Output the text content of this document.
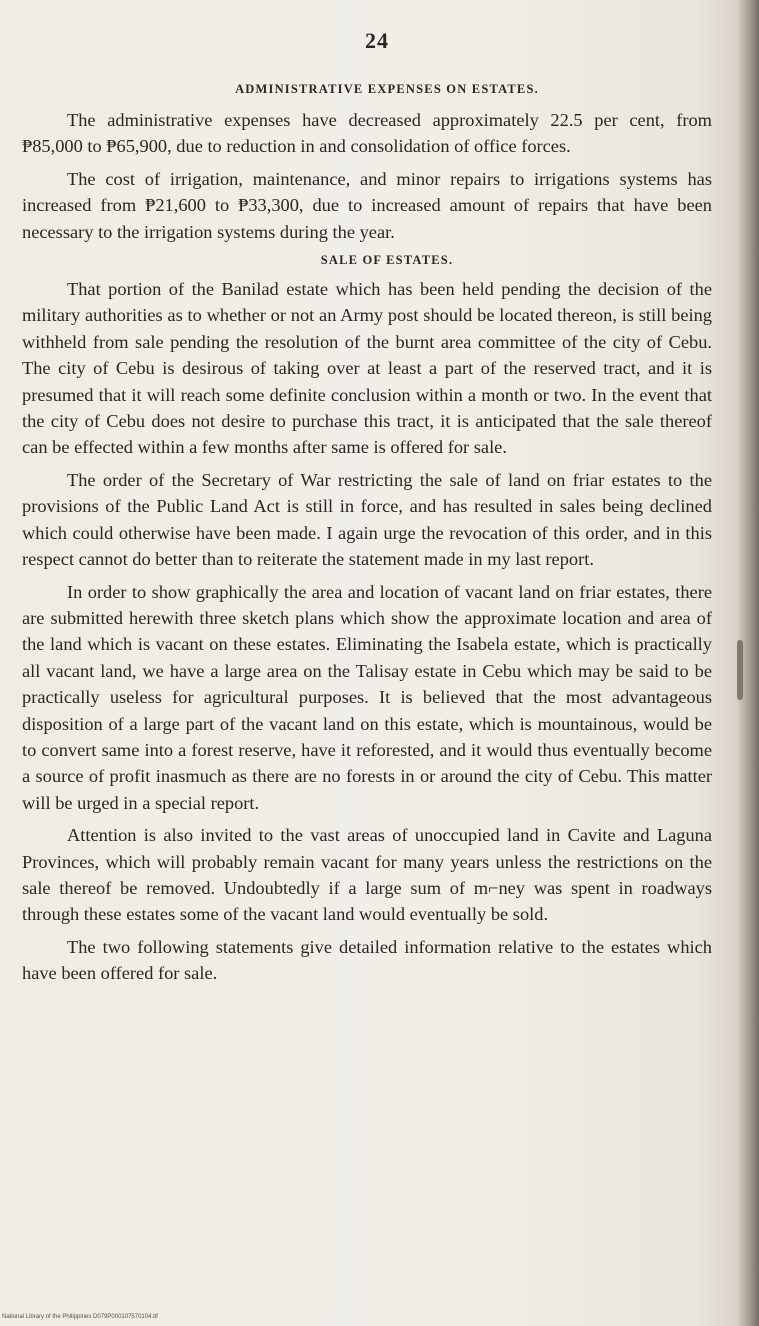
24
ADMINISTRATIVE EXPENSES ON ESTATES.

The administrative expenses have decreased approximately 22.5 per cent, from ₱85,000 to ₱65,900, due to reduction in and consolidation of office forces.

The cost of irrigation, maintenance, and minor repairs to irrigations systems has increased from ₱21,600 to ₱33,300, due to increased amount of repairs that have been necessary to the irrigation systems during the year.

SALE OF ESTATES.

That portion of the Banilad estate which has been held pending the decision of the military authorities as to whether or not an Army post should be located thereon, is still being withheld from sale pending the resolution of the burnt area committee of the city of Cebu. The city of Cebu is desirous of taking over at least a part of the reserved tract, and it is presumed that it will reach some definite conclusion within a month or two. In the event that the city of Cebu does not desire to purchase this tract, it is anticipated that the sale thereof can be effected within a few months after same is offered for sale.

The order of the Secretary of War restricting the sale of land on friar estates to the provisions of the Public Land Act is still in force, and has resulted in sales being declined which could otherwise have been made. I again urge the revocation of this order, and in this respect cannot do better than to reiterate the statement made in my last report.

In order to show graphically the area and location of vacant land on friar estates, there are submitted herewith three sketch plans which show the approximate location and area of the land which is vacant on these estates. Eliminating the Isabela estate, which is practically all vacant land, we have a large area on the Talisay estate in Cebu which may be said to be practically useless for agricultural purposes. It is believed that the most advantageous disposition of a large part of the vacant land on this estate, which is mountainous, would be to convert same into a forest reserve, have it reforested, and it would thus eventually become a source of profit inasmuch as there are no forests in or around the city of Cebu. This matter will be urged in a special report.

Attention is also invited to the vast areas of unoccupied land in Cavite and Laguna Provinces, which will probably remain vacant for many years unless the restrictions on the sale thereof be removed. Undoubtedly if a large sum of m⌐ney was spent in roadways through these estates some of the vacant land would eventually be sold.

The two following statements give detailed information relative to the estates which have been offered for sale.

National Library of the Philippines D079P000107570104.tif
